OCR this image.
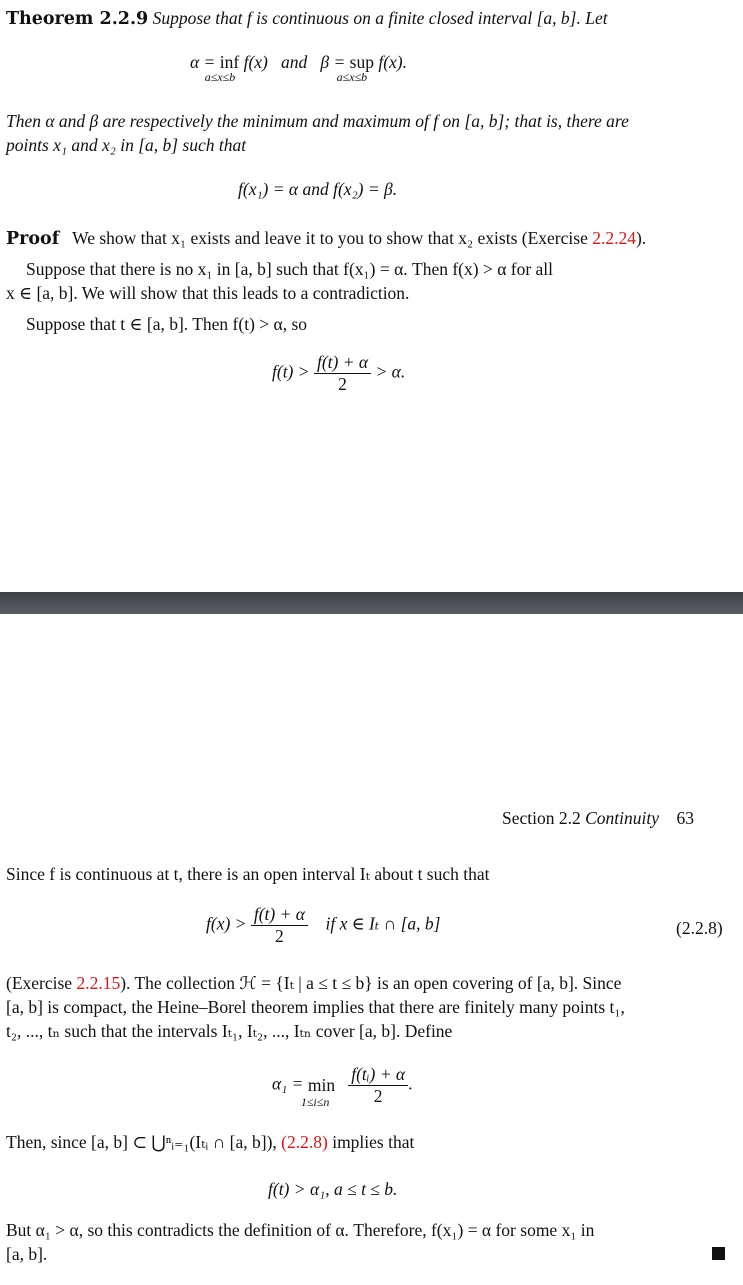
Theorem 2.2.9 Suppose that f is continuous on a finite closed interval [a, b]. Let
α = inf
a≤x≤b
f(x) and β = sup
a≤x≤b
f(x).
Then α and β are respectively the minimum and maximum of f on [a, b]; that is, there are
points x₁ and x₂ in [a, b] such that
f(x₁) = α and f(x₂) = β.
Proof We show that x₁ exists and leave it to you to show that x₂ exists (Exercise 2.2.24).
Suppose that there is no x₁ in [a, b] such that f(x₁) = α. Then f(x) > α for all
x ∈ [a, b]. We will show that this leads to a contradiction.
Suppose that t ∈ [a, b]. Then f(t) > α, so
$f(t) > \frac{f(t) + \alpha}{2} > \alpha$.
Section 2.2 Continuity 63
Since f is continuous at t, there is an open interval Iₜ about t such that
$f(x) > \frac{f(t) + \alpha}{2}$ if x ∈ Iₜ ∩ [a, b]	(2.2.8)
(Exercise 2.2.15). The collection ℋ = {Iₜ | a ≤ t ≤ b} is an open covering of [a, b]. Since
[a, b] is compact, the Heine–Borel theorem implies that there are finitely many points t₁,
t₂, ..., tₙ such that the intervals Iₜ₁, Iₜ₂, ..., Iₜₙ cover [a, b]. Define
α₁ = min
1≤i≤n
$\frac{\text{f(tᵢ) + α}}{2}$ .
Then, since [a, b] ⊂ ⋃ⁿᵢ₌₁(Iₜᵢ ∩ [a, b]), (2.2.8) implies that
f(t) > α₁, a ≤ t ≤ b.
But α₁ > α, so this contradicts the definition of α. Therefore, f(x₁) = α for some x₁ in
[a, b].
